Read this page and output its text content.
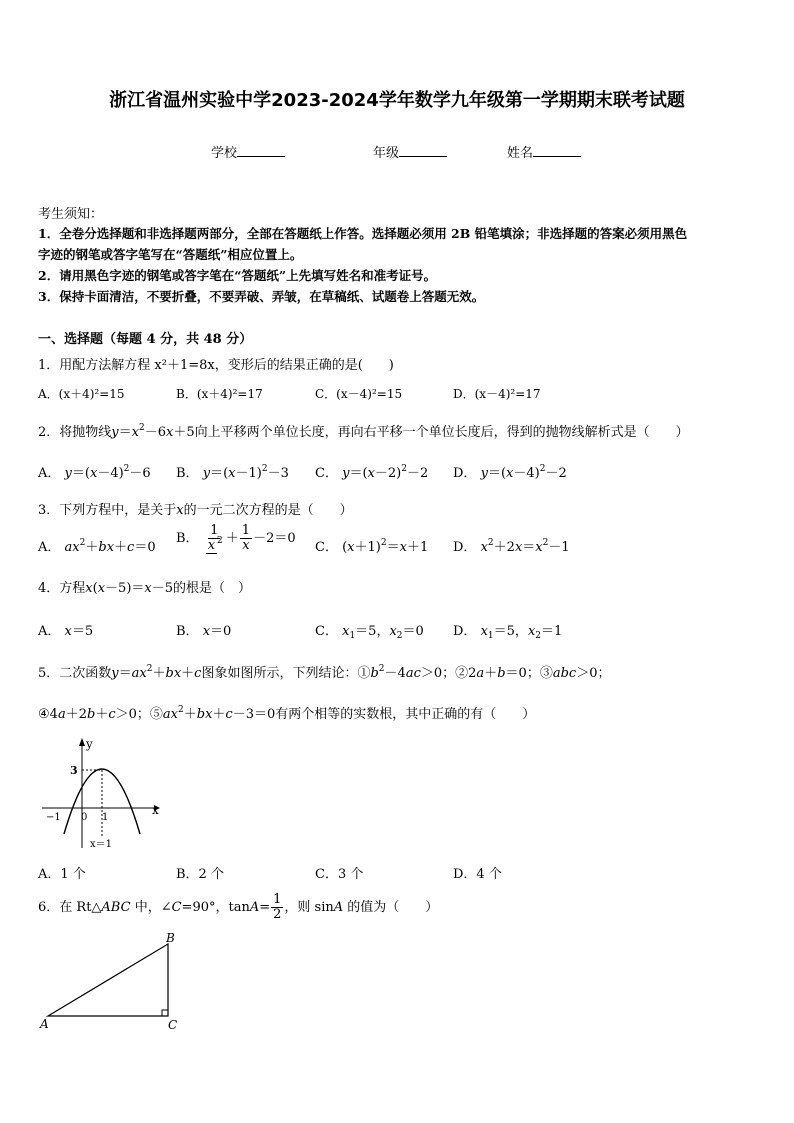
浙江省温州实验中学2023-2024学年数学九年级第一学期期末联考试题
学校	年级	姓名
考生须知：
1．全卷分选择题和非选择题两部分，全部在答题纸上作答。选择题必须用 2B 铅笔填涂；非选择题的答案必须用黑色
字迹的钢笔或答字笔写在“答题纸”相应位置上。
2．请用黑色字迹的钢笔或答字笔在“答题纸”上先填写姓名和准考证号。
3．保持卡面清洁，不要折叠，不要弄破、弄皱，在草稿纸、试题卷上答题无效。
一、选择题（每题 4 分，共 48 分）
1．用配方法解方程 x²＋1=8x，变形后的结果正确的是(　　)
A．(x＋4)²=15	B．(x＋4)²=17	C．(x－4)²=15	D．(x－4)²=17
2．将抛物线$y=x^2-6x+5$向上平移两个单位长度，再向右平移一个单位长度后，得到的抛物线解析式是（　　）
A． $y=(x-4)^2-6$ B． $y=(x-1)^2-3$ C． $y=(x-2)^2-2$ D． $y=(x-4)^2-2$
3．下列方程中，是关于x的一元二次方程的是（　　）
A． $ax^2+bx+c=0$
B． $\frac{1}{x ^2} + \frac{1}{x} -2=0$
C． $(x+1)^2=x+1$ D． $x^2+2x=x^2-1$
4．方程x(x－5)＝x－5的根是（　）
A． x＝5	B． x＝0	C． $x_1=5$，$x_2=0$ D． $x_1=5$，$x_2=1$
5．二次函数$y=ax^2+bx+c$图象如图所示，下列结论：$①b^2-4ac>0$；②2a＋b＝0；③abc＞0；
④4a＋2b＋c＞0；$⑤ax^2+bx+c-3=0$有两个相等的实数根，其中正确的有（　　）
y
x
3
−1 0 1
x＝1
A．1 个	B．2 个	C．3 个	D．4 个
6．在 Rt△ABC 中，∠C=90°，$\tan A= \frac{1}{2}$ ，则 sinA 的值为（　　）
A
B
C
